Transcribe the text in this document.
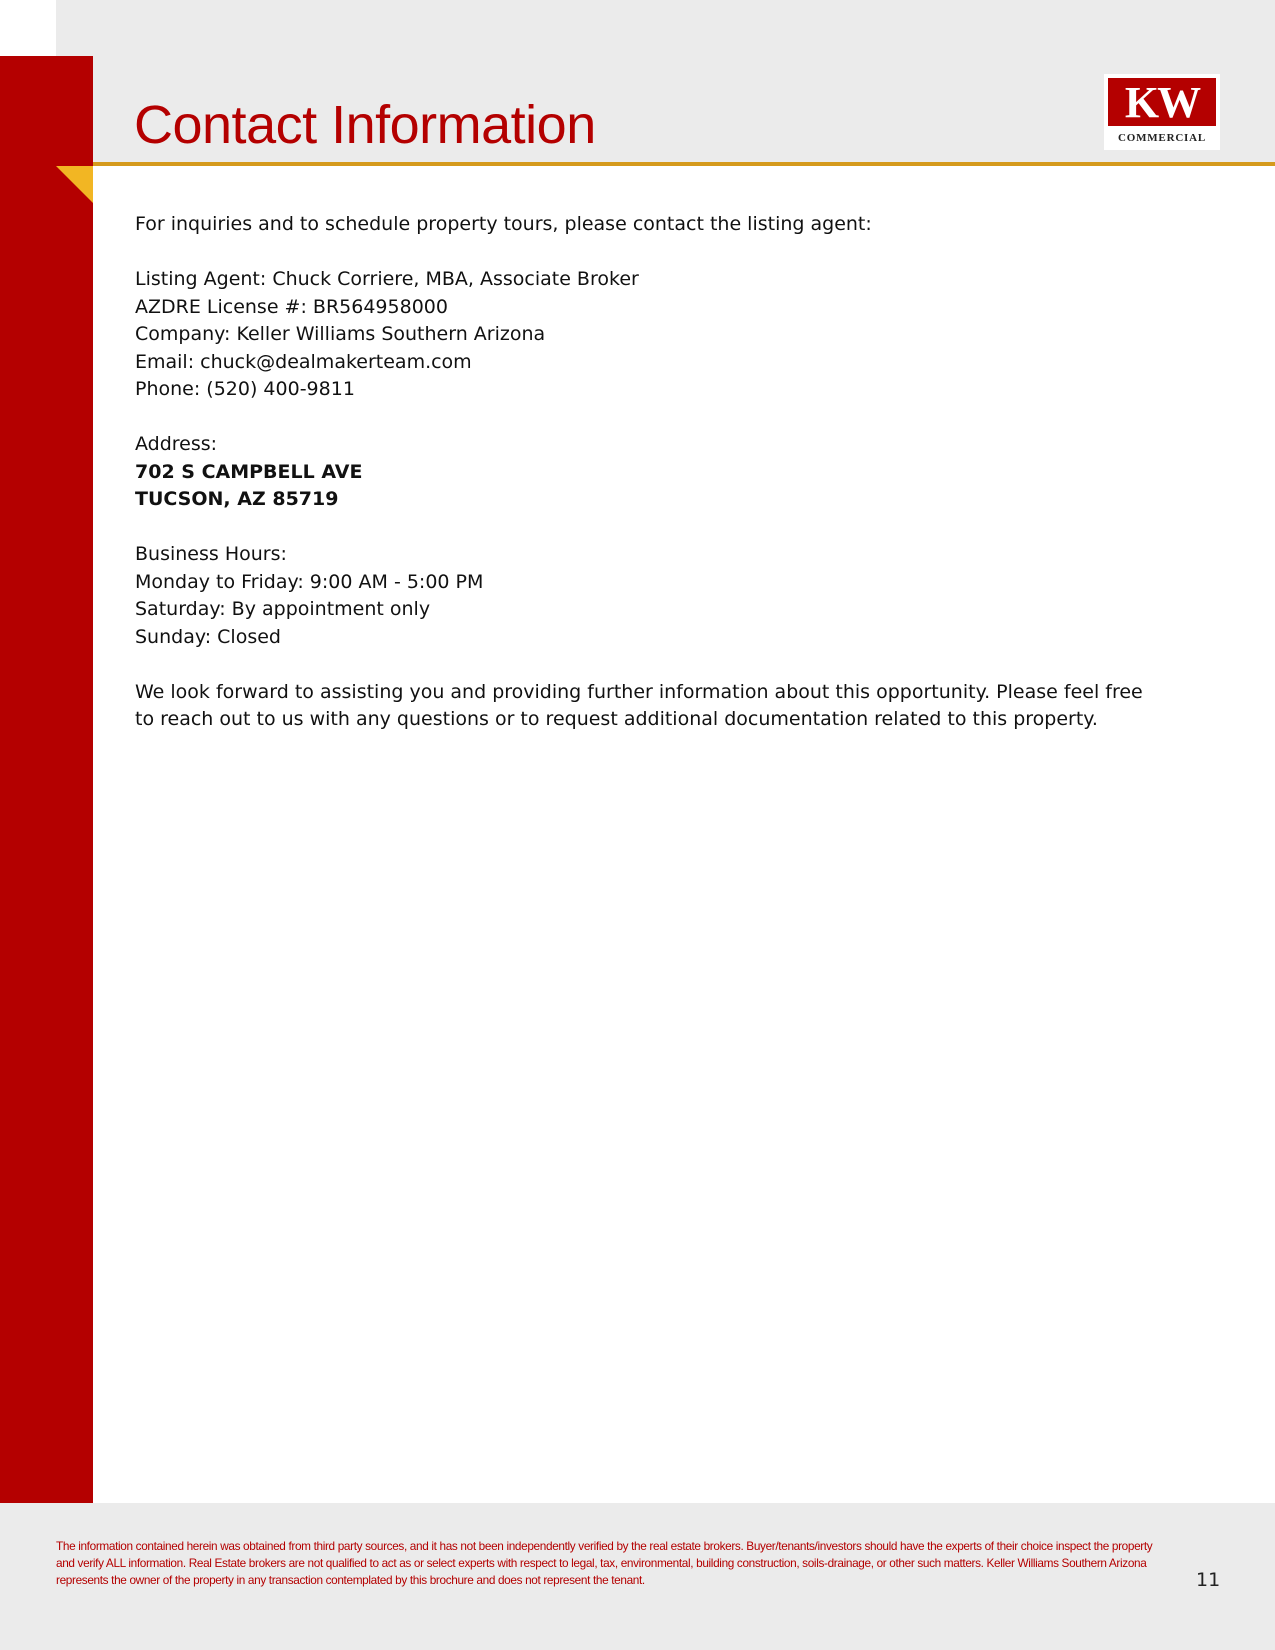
Contact Information	KW
COMMERCIAL

For inquiries and to schedule property tours, please contact the listing agent:

Listing Agent: Chuck Corriere, MBA, Associate Broker

AZDRE License #: BR564958000

Company: Keller Williams Southern Arizona

Email: chuck@dealmakerteam.com

Phone: (520) 400-9811

Address:

702 S CAMPBELL AVE

TUCSON, AZ 85719

Business Hours:

Monday to Friday: 9:00 AM - 5:00 PM

Saturday: By appointment only

Sunday: Closed

We look forward to assisting you and providing further information about this opportunity. Please feel free to reach out to us with any questions or to request additional documentation related to this property.

The information contained herein was obtained from third party sources, and it has not been independently verified by the real estate brokers. Buyer/tenants/investors should have the experts of their choice inspect the property and verify ALL information. Real Estate brokers are not qualified to act as or select experts with respect to legal, tax, environmental, building construction, soils-drainage, or other such matters. Keller Williams Southern Arizona represents the owner of the property in any transaction contemplated by this brochure and does not represent the tenant.	11
